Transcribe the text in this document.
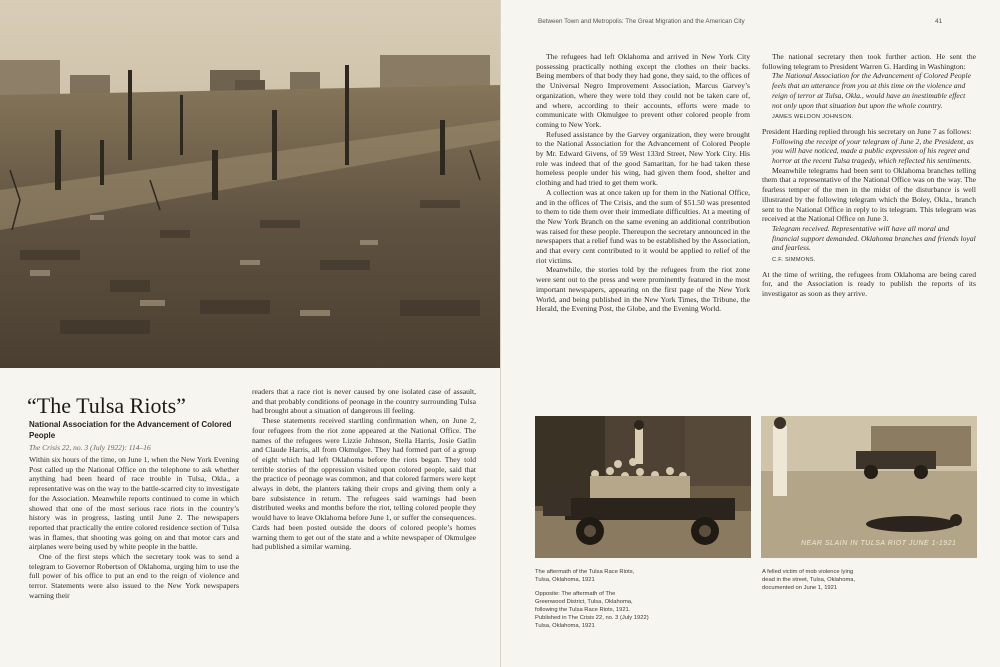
“The Tulsa Riots”
National Association for the Advancement of Colored People
The Crisis 22, no. 3 (July 1922): 114–16

Within six hours of the time, on June 1, when the New York Evening Post called up the National Office on the telephone to ask whether anything had been heard of race trouble in Tulsa, Okla., a representative was on the way to the battle-scarred city to investigate for the Association. Meanwhile reports continued to come in which showed that one of the most serious race riots in the country’s history was in progress, lasting until June 2. The newspapers reported that practically the entire colored residence section of Tulsa was in flames, that shooting was going on and that motor cars and airplanes were being used by white people in the battle.

One of the first steps which the secretary took was to send a telegram to Governor Robertson of Oklahoma, urging him to use the full power of his office to put an end to the reign of violence and terror. Statements were also issued to the New York newspapers warning their

readers that a race riot is never caused by one isolated case of assault, and that probably conditions of peonage in the country surrounding Tulsa had brought about a situation of dangerous ill feeling.

These statements received startling confirmation when, on June 2, four refugees from the riot zone appeared at the National Office. The names of the refugees were Lizzie Johnson, Stella Harris, Josie Gatlin and Claude Harris, all from Okmulgee. They had formed part of a group of eight which had left Oklahoma before the riots began. They told terrible stories of the oppression visited upon colored people, said that the practice of peonage was common, and that colored farmers were kept always in debt, the planters taking their crops and giving them only a bare subsistence in return. The refugees said warnings had been distributed weeks and months before the riot, telling colored people they would have to leave Oklahoma before June 1, or suffer the consequences. Cards had been posted outside the doors of colored people’s homes warning them to get out of the state and a white newspaper of Okmulgee had published a similar warning.

Between Town and Metropolis: The Great Migration and the American City	41

The refugees had left Oklahoma and arrived in New York City possessing practically nothing except the clothes on their backs. Being members of that body they had gone, they said, to the offices of the Universal Negro Improvement Association, Marcus Garvey’s organization, where they were told they could not be taken care of, and where, according to their accounts, efforts were made to communicate with Okmulgee to prevent other colored people from coming to New York.

Refused assistance by the Garvey organization, they were brought to the National Association for the Advancement of Colored People by Mr. Edward Givens, of 59 West 133rd Street, New York City. His role was indeed that of the good Samaritan, for he had taken these homeless people under his wing, had given them food, shelter and clothing and had tried to get them work.

A collection was at once taken up for them in the National Office, and in the offices of The Crisis, and the sum of $51.50 was presented to them to tide them over their immediate difficulties. At a meeting of the New York Branch on the same evening an additional contribution was raised for these people. Thereupon the secretary announced in the newspapers that a relief fund was to be established by the Association, and that every cent contributed to it would be applied to relief of the riot victims.

Meanwhile, the stories told by the refugees from the riot zone were sent out to the press and were prominently featured in the most important newspapers, appearing on the first page of the New York World, and being published in the New York Times, the Tribune, the Herald, the Evening Post, the Globe, and the Evening World.

The national secretary then took further action. He sent the following telegram to President Warren G. Harding in Washington:

The National Association for the Advancement of Colored People feels that an utterance from you at this time on the violence and reign of terror at Tulsa, Okla., would have an inestimable effect not only upon that situation but upon the whole country.

JAMES WELDON JOHNSON.

President Harding replied through his secretary on June 7 as follows:

Following the receipt of your telegram of June 2, the President, as you will have noticed, made a public expression of his regret and horror at the recent Tulsa tragedy, which reflected his sentiments.

Meanwhile telegrams had been sent to Oklahoma branches telling them that a representative of the National Office was on the way. The fearless temper of the men in the midst of the disturbance is well illustrated by the following telegram which the Boley, Okla., branch sent to the National Office in reply to its telegram. This telegram was received at the National Office on June 3.

Telegram received. Representative will have all moral and financial support demanded. Oklahoma branches and friends loyal and fearless.

C.F. SIMMONS.

At the time of writing, the refugees from Oklahoma are being cared for, and the Association is ready to publish the reports of its investigator as soon as they arrive.

NEAR SLAIN IN TULSA RIOT JUNE 1-1921
The aftermath of the Tulsa Race Riots,
Tulsa, Oklahoma, 1921
Opposite: The aftermath of The
Greenwood District, Tulsa, Oklahoma,
following the Tulsa Race Riots, 1921.
Published in The Crisis 22, no. 3 (July 1922)
Tulsa, Oklahoma, 1921
A felled victim of mob violence lying
dead in the street, Tulsa, Oklahoma,
documented on June 1, 1921
